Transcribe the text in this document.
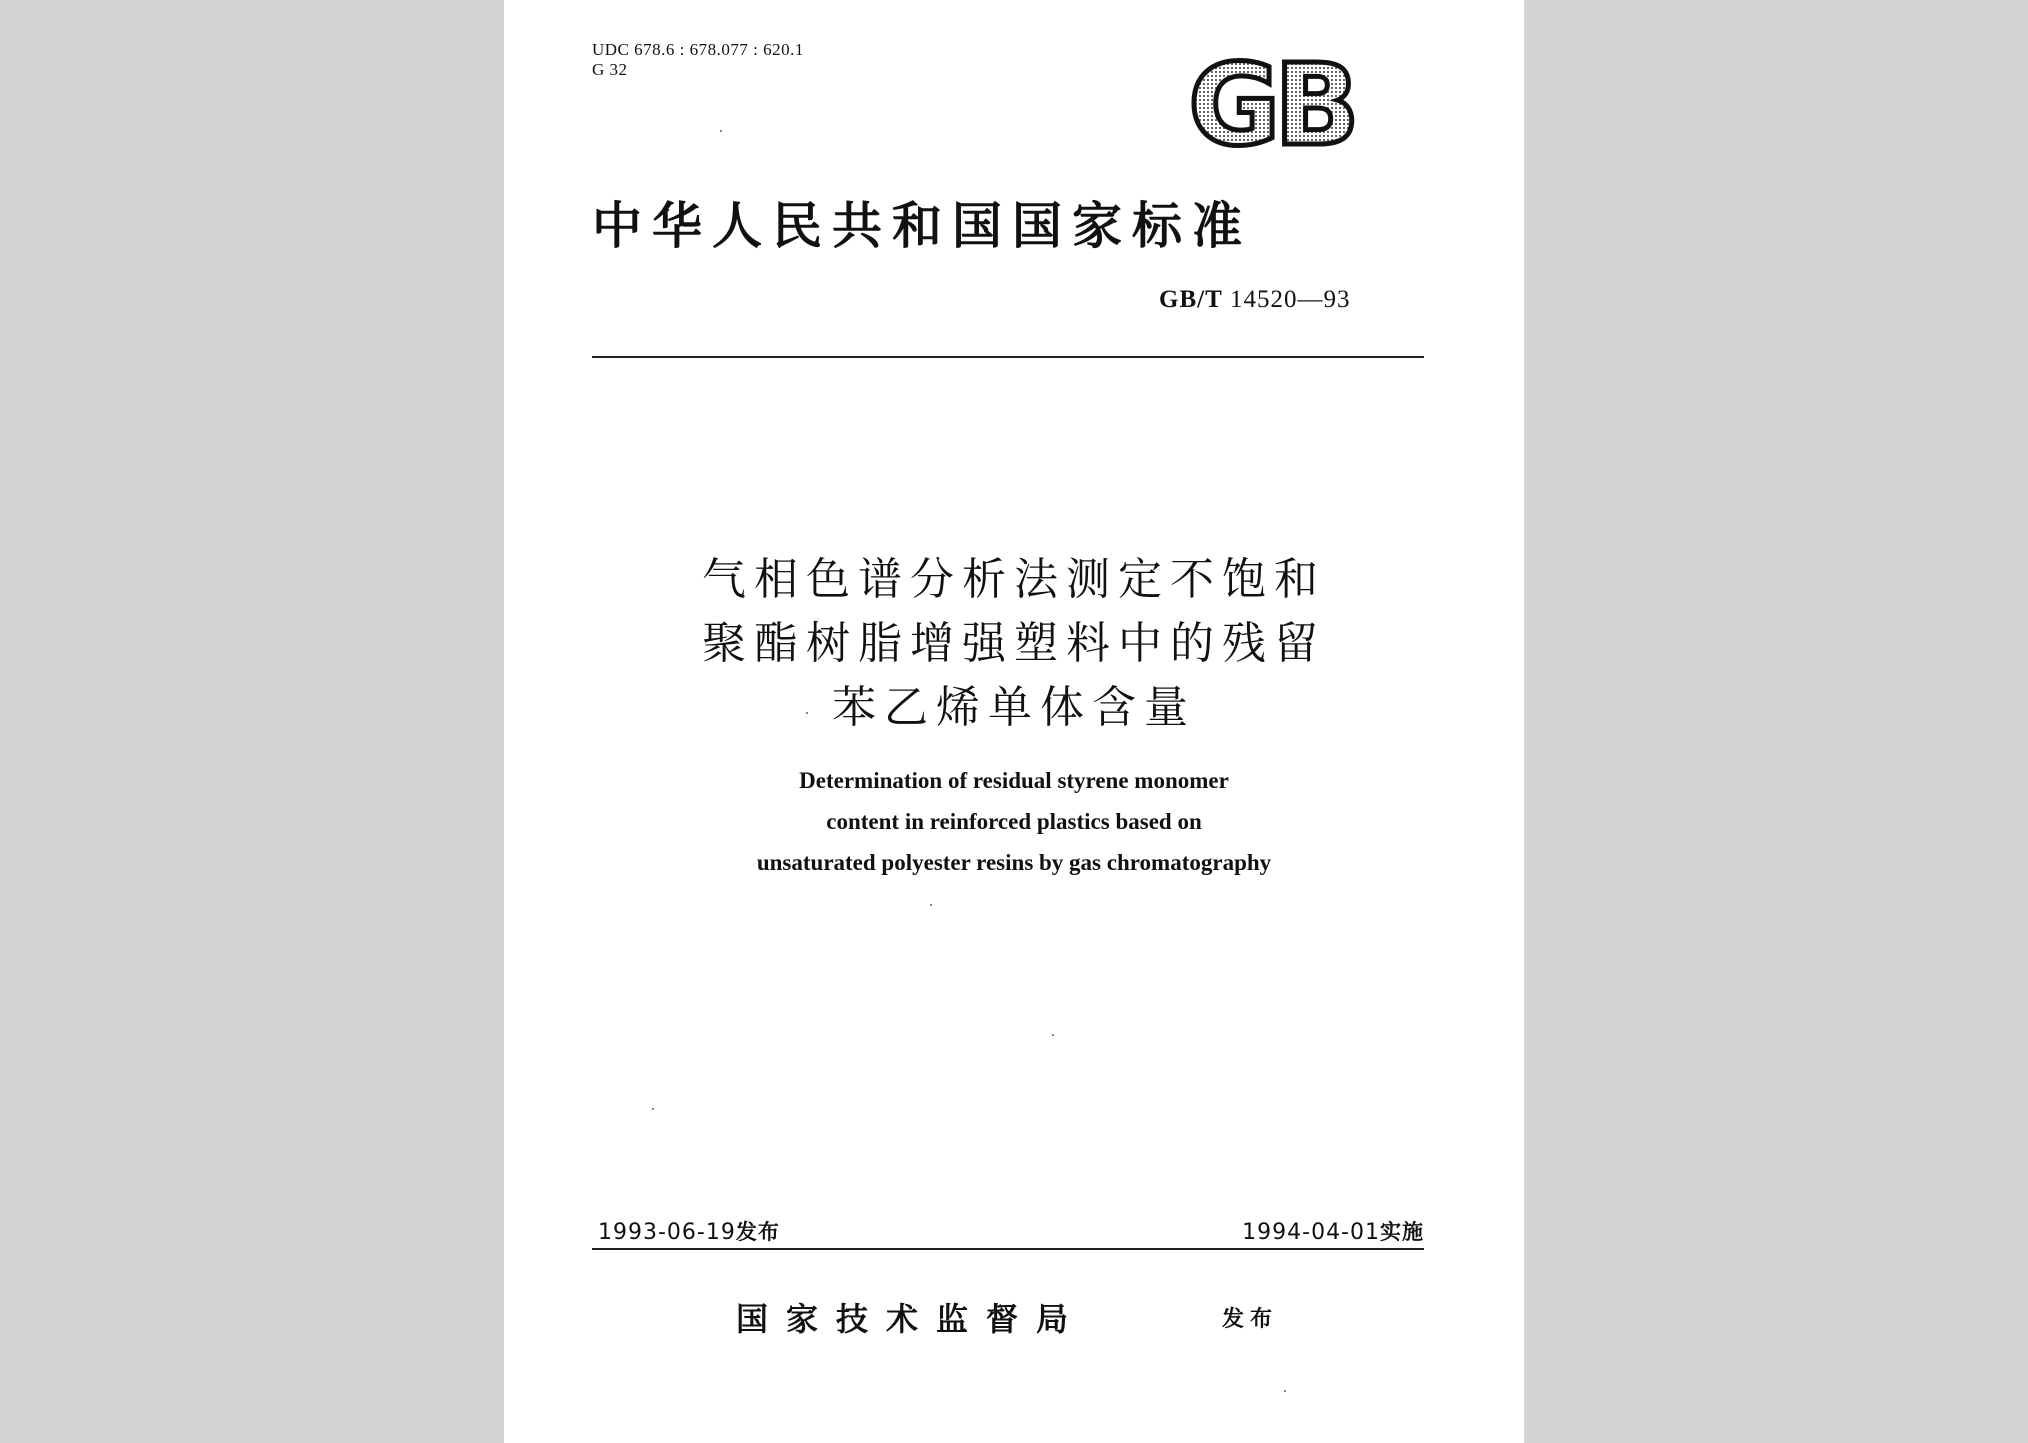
UDC 678.6 : 678.077 : 620.1
G 32	GB
中华人民共和国国家标准
GB/T 14520—93
气相色谱分析法测定不饱和
聚酯树脂增强塑料中的残留
苯乙烯单体含量
Determination of residual styrene monomer
content in reinforced plastics based on
unsaturated polyester resins by gas chromatography
1993-06-19发布	1994-04-01实施
国家技术监督局	发布
